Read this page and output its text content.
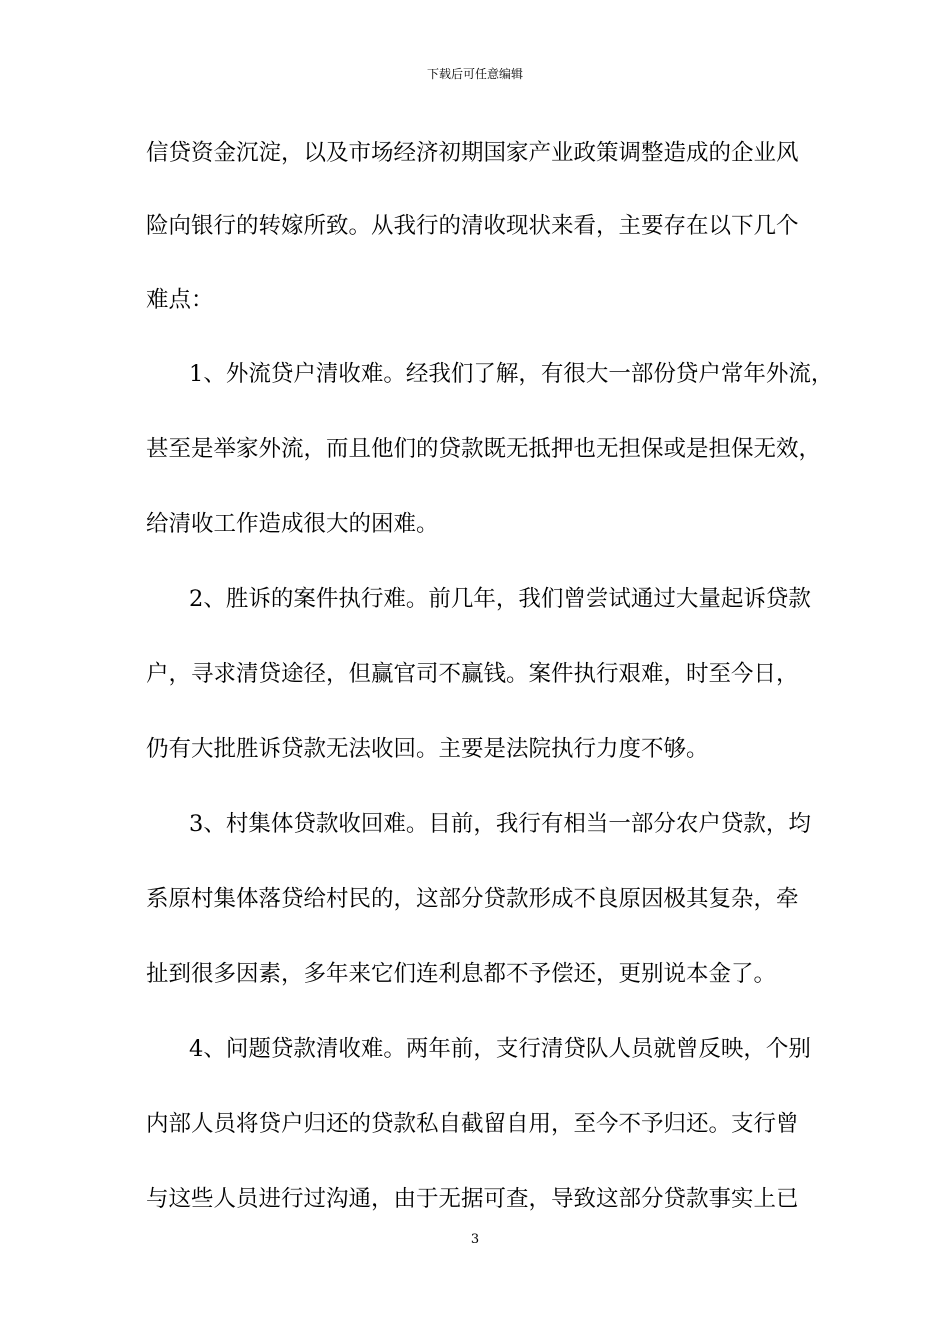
下载后可任意编辑
信贷资金沉淀，以及市场经济初期国家产业政策调整造成的企业风
险向银行的转嫁所致。从我行的清收现状来看，主要存在以下几个
难点：
1、外流贷户清收难。经我们了解，有很大一部份贷户常年外流，
甚至是举家外流，而且他们的贷款既无抵押也无担保或是担保无效，
给清收工作造成很大的困难。
2、胜诉的案件执行难。前几年，我们曾尝试通过大量起诉贷款
户，寻求清贷途径，但赢官司不赢钱。案件执行艰难，时至今日，
仍有大批胜诉贷款无法收回。主要是法院执行力度不够。
3、村集体贷款收回难。目前，我行有相当一部分农户贷款，均
系原村集体落贷给村民的，这部分贷款形成不良原因极其复杂，牵
扯到很多因素，多年来它们连利息都不予偿还，更别说本金了。
4、问题贷款清收难。两年前，支行清贷队人员就曾反映，个别
内部人员将贷户归还的贷款私自截留自用，至今不予归还。支行曾
与这些人员进行过沟通，由于无据可查，导致这部分贷款事实上已
3
